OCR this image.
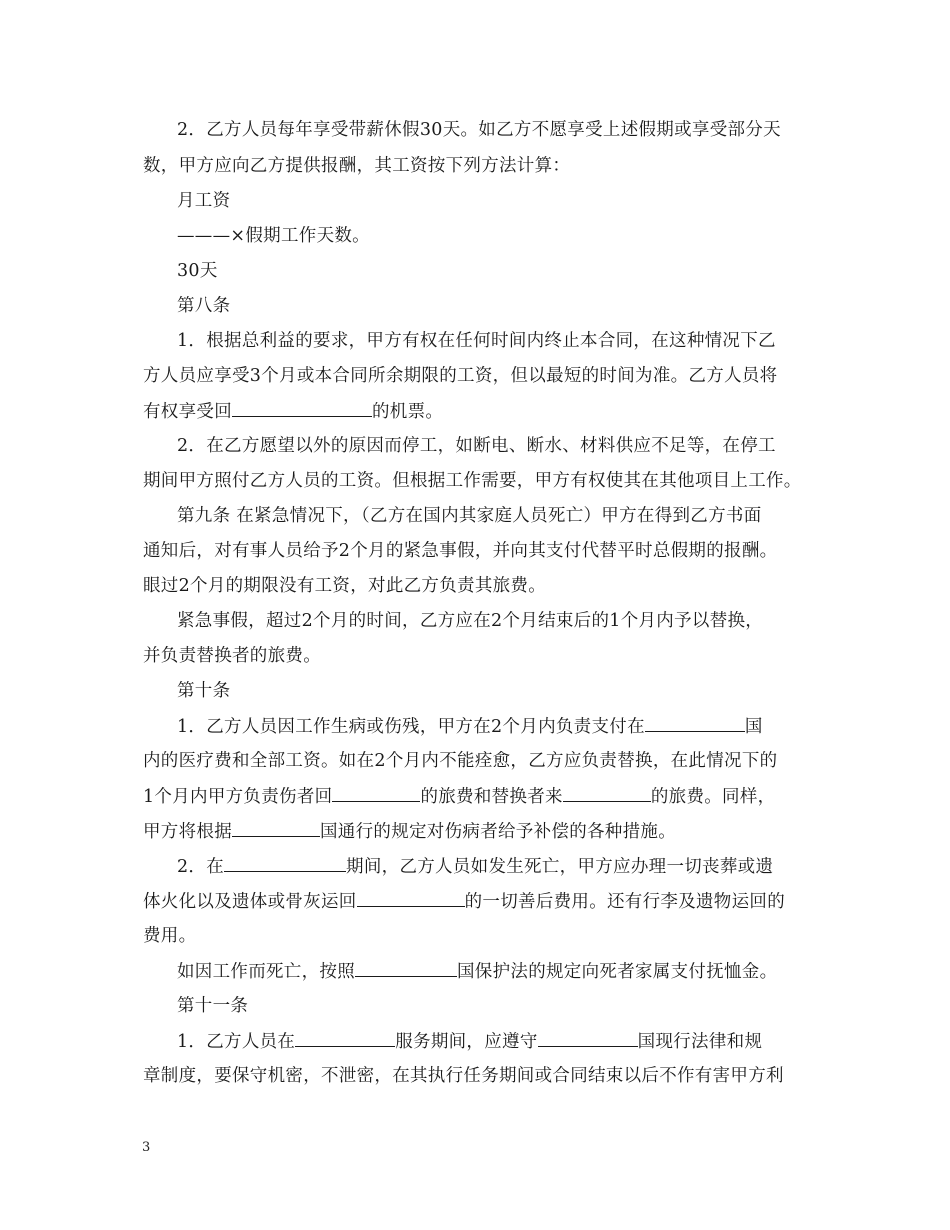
2．乙方人员每年享受带薪休假30天。如乙方不愿享受上述假期或享受部分天
数，甲方应向乙方提供报酬，其工资按下列方法计算：
月工资
———×假期工作天数。
30天
第八条
1．根据总利益的要求，甲方有权在任何时间内终止本合同，在这种情况下乙
方人员应享受3个月或本合同所余期限的工资，但以最短的时间为准。乙方人员将
有权享受回	的机票。
2．在乙方愿望以外的原因而停工，如断电、断水、材料供应不足等，在停工
期间甲方照付乙方人员的工资。但根据工作需要，甲方有权使其在其他项目上工作。
第九条 在紧急情况下，（乙方在国内其家庭人员死亡）甲方在得到乙方书面
通知后，对有事人员给予2个月的紧急事假，并向其支付代替平时总假期的报酬。
眼过2个月的期限没有工资，对此乙方负责其旅费。
紧急事假，超过2个月的时间，乙方应在2个月结束后的1个月内予以替换，
并负责替换者的旅费。
第十条
1．乙方人员因工作生病或伤残，甲方在2个月内负责支付在	国
内的医疗费和全部工资。如在2个月内不能痊愈，乙方应负责替换，在此情况下的
1个月内甲方负责伤者回	的旅费和替换者来	的旅费。同样，
甲方将根据	国通行的规定对伤病者给予补偿的各种措施。
2．在	期间，乙方人员如发生死亡，甲方应办理一切丧葬或遗
体火化以及遗体或骨灰运回	的一切善后费用。还有行李及遗物运回的
费用。
如因工作而死亡，按照	国保护法的规定向死者家属支付抚恤金。
第十一条
1．乙方人员在	服务期间，应遵守	国现行法律和规
章制度，要保守机密，不泄密，在其执行任务期间或合同结束以后不作有害甲方利
3
